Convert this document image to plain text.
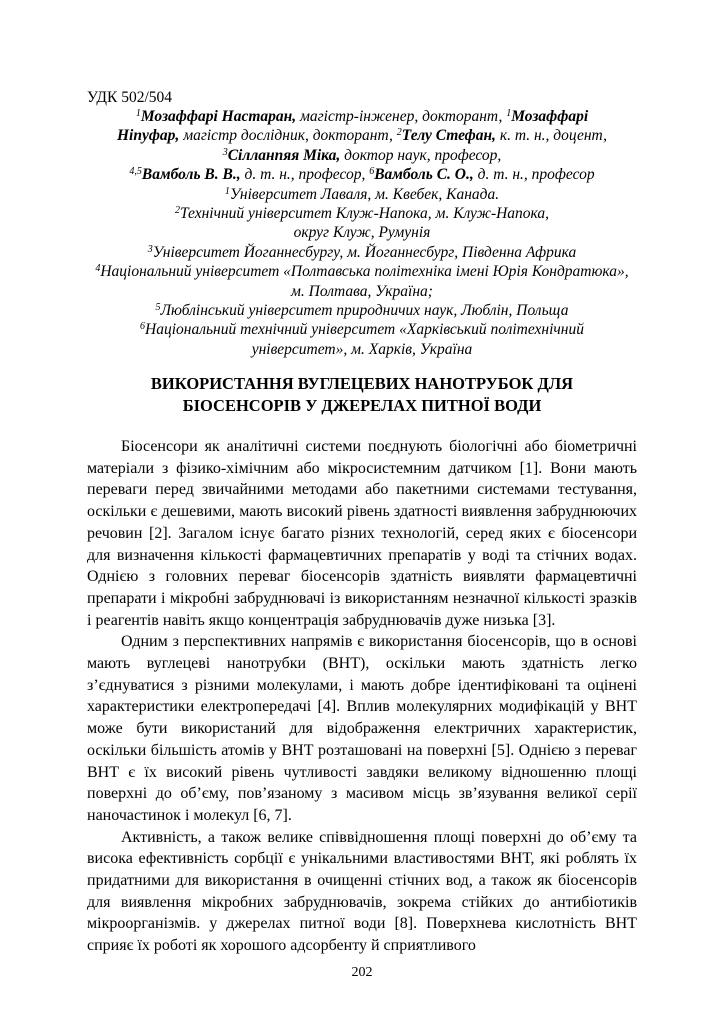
УДК 502/504
$^1$Мозаффарі Настаран, магістр-інженер, докторант, $^1$Мозаффарі
Ніпуфар, магістр дослідник, докторант, $^2$Телу Стефан, к. т. н., доцент,
$^3$Сілланпяя Міка, доктор наук, професор,
$^{4,5}$Вамболь В. В., д. т. н., професор, $^6$Вамболь С. О., д. т. н., професор
$^1$Університет Лаваля, м. Квебек, Канада.
$^2$Технічний університет Клуж-Напока, м. Клуж-Напока,
округ Клуж, Румунія
$^3$Університет Йоганнесбургу, м. Йоганнесбург, Південна Африка
$^4$Національний університет «Полтавська політехніка імені Юрія Кондратюка»,
м. Полтава, Україна;
$^5$Люблінський університет природничих наук, Люблін, Польща
$^6$Національний технічний університет «Харківський політехнічний
університет», м. Харків, Україна
ВИКОРИСТАННЯ ВУГЛЕЦЕВИХ НАНОТРУБОК ДЛЯ
БІОСЕНСОРІВ У ДЖЕРЕЛАХ ПИТНОЇ ВОДИ

Біосенсори як аналітичні системи поєднують біологічні або біометричні матеріали з фізико-хімічним або мікросистемним датчиком [1]. Вони мають переваги перед звичайними методами або пакетними системами тестування, оскільки є дешевими, мають високий рівень здатності виявлення забруднюючих речовин [2]. Загалом існує багато різних технологій, серед яких є біосенсори для визначення кількості фармацевтичних препаратів у воді та стічних водах. Однією з головних переваг біосенсорів здатність виявляти фармацевтичні препарати і мікробні забруднювачі із використанням незначної кількості зразків і реагентів навіть якщо концентрація забруднювачів дуже низька [3].

Одним з перспективних напрямів є використання біосенсорів, що в основі мають вуглецеві нанотрубки (ВНТ), оскільки мають здатність легко з’єднуватися з різними молекулами, і мають добре ідентифіковані та оцінені характеристики електропередачі [4]. Вплив молекулярних модифікацій у ВНТ може бути використаний для відображення електричних характеристик, оскільки більшість атомів у ВНТ розташовані на поверхні [5]. Однією з переваг ВНТ є їх високий рівень чутливості завдяки великому відношенню площі поверхні до об’єму, пов’язаному з масивом місць зв’язування великої серії наночастинок і молекул [6, 7].

Активність, а також велике співвідношення площі поверхні до об’єму та висока ефективність сорбції є унікальними властивостями ВНТ, які роблять їх придатними для використання в очищенні стічних вод, а також як біосенсорів для виявлення мікробних забруднювачів, зокрема стійких до антибіотиків мікроорганізмів. у джерелах питної води [8]. Поверхнева кислотність ВНТ сприяє їх роботі як хорошого адсорбенту й сприятливого

202
